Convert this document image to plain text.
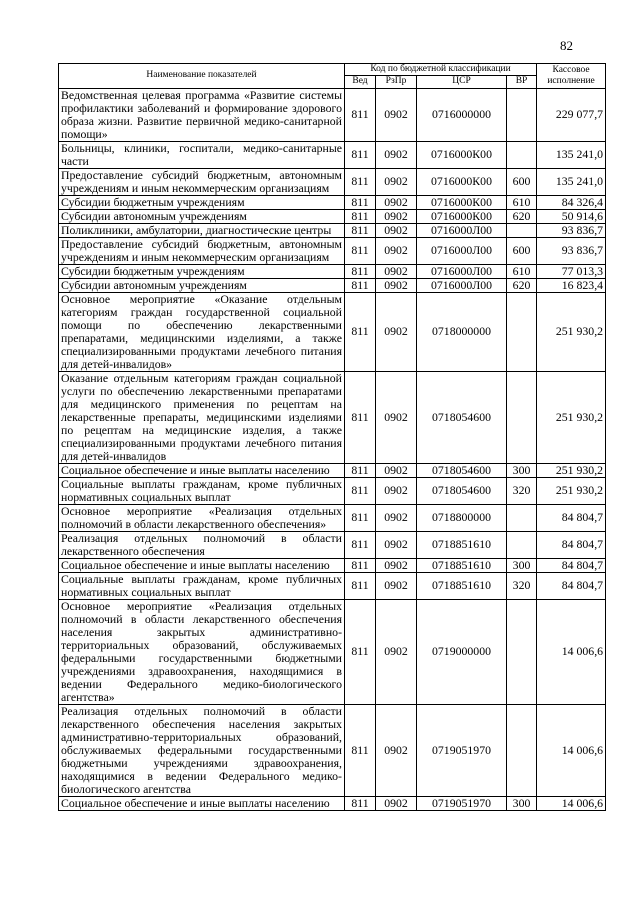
82
Наименование показателей	Код по бюджетной классификации				Кассовое исполнение
	Вед	РзПр	ЦСР	ВР	
Ведомственная целевая программа «Развитие системы профилактики заболеваний и формирование здорового образа жизни. Развитие первичной медико-санитарной помощи»	811	0902	0716000000		229 077,7
Больницы, клиники, госпитали, медико-санитарные части	811	0902	0716000К00		135 241,0
Предоставление субсидий бюджетным, автономным учреждениям и иным некоммерческим организациям	811	0902	0716000К00	600	135 241,0
Субсидии бюджетным учреждениям	811	0902	0716000К00	610	84 326,4
Субсидии автономным учреждениям	811	0902	0716000К00	620	50 914,6
Поликлиники, амбулатории, диагностические центры	811	0902	0716000Л00		93 836,7
Предоставление субсидий бюджетным, автономным учреждениям и иным некоммерческим организациям	811	0902	0716000Л00	600	93 836,7
Субсидии бюджетным учреждениям	811	0902	0716000Л00	610	77 013,3
Субсидии автономным учреждениям	811	0902	0716000Л00	620	16 823,4
Основное мероприятие «Оказание отдельным категориям граждан государственной социальной помощи по обеспечению лекарственными препаратами, медицинскими изделиями, а также специализированными продуктами лечебного питания для детей-инвалидов»	811	0902	0718000000		251 930,2
Оказание отдельным категориям граждан социальной услуги по обеспечению лекарственными препаратами для медицинского применения по рецептам на лекарственные препараты, медицинскими изделиями по рецептам на медицинские изделия, а также специализированными продуктами лечебного питания для детей-инвалидов	811	0902	0718054600		251 930,2
Социальное обеспечение и иные выплаты населению	811	0902	0718054600	300	251 930,2
Социальные выплаты гражданам, кроме публичных нормативных социальных выплат	811	0902	0718054600	320	251 930,2
Основное мероприятие «Реализация отдельных полномочий в области лекарственного обеспечения»	811	0902	0718800000		84 804,7
Реализация отдельных полномочий в области лекарственного обеспечения	811	0902	0718851610		84 804,7
Социальное обеспечение и иные выплаты населению	811	0902	0718851610	300	84 804,7
Социальные выплаты гражданам, кроме публичных нормативных социальных выплат	811	0902	0718851610	320	84 804,7
Основное мероприятие «Реализация отдельных полномочий в области лекарственного обеспечения населения закрытых административно-территориальных образований, обслуживаемых федеральными государственными бюджетными учреждениями здравоохранения, находящимися в ведении Федерального медико-биологического агентства»	811	0902	0719000000		14 006,6
Реализация отдельных полномочий в области лекарственного обеспечения населения закрытых административно-территориальных образований, обслуживаемых федеральными государственными бюджетными учреждениями здравоохранения, находящимися в ведении Федерального медико-биологического агентства	811	0902	0719051970		14 006,6
Социальное обеспечение и иные выплаты населению	811	0902	0719051970	300	14 006,6
